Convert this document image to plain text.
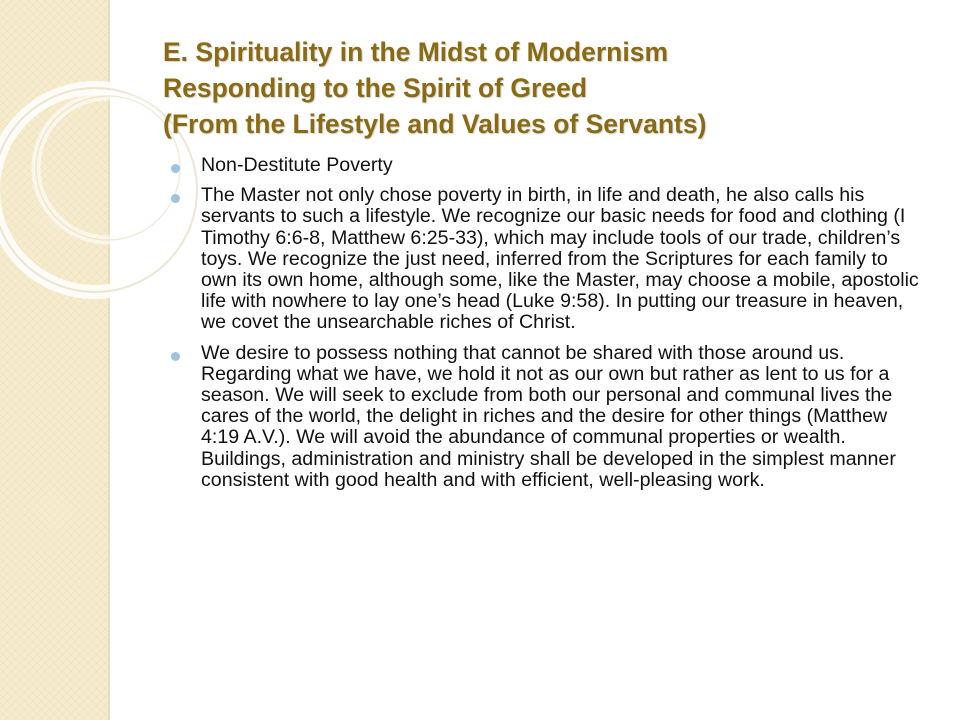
E. Spirituality in the Midst of Modernism
Responding to the Spirit of Greed
(From the Lifestyle and Values of Servants)
Non-Destitute Poverty
The Master not only chose poverty in birth, in life and death, he also calls his servants to such a lifestyle. We recognize our basic needs for food and clothing (I Timothy 6:6-8, Matthew 6:25-33), which may include tools of our trade, children’s toys. We recognize the just need, inferred from the Scriptures for each family to own its own home, although some, like the Master, may choose a mobile, apostolic life with nowhere to lay one’s head (Luke 9:58). In putting our treasure in heaven, we covet the unsearchable riches of Christ.
We desire to possess nothing that cannot be shared with those around us. Regarding what we have, we hold it not as our own but rather as lent to us for a season. We will seek to exclude from both our personal and communal lives the cares of the world, the delight in riches and the desire for other things (Matthew 4:19 A.V.). We will avoid the abundance of communal properties or wealth. Buildings, administration and ministry shall be developed in the simplest manner consistent with good health and with efficient, well-pleasing work.
